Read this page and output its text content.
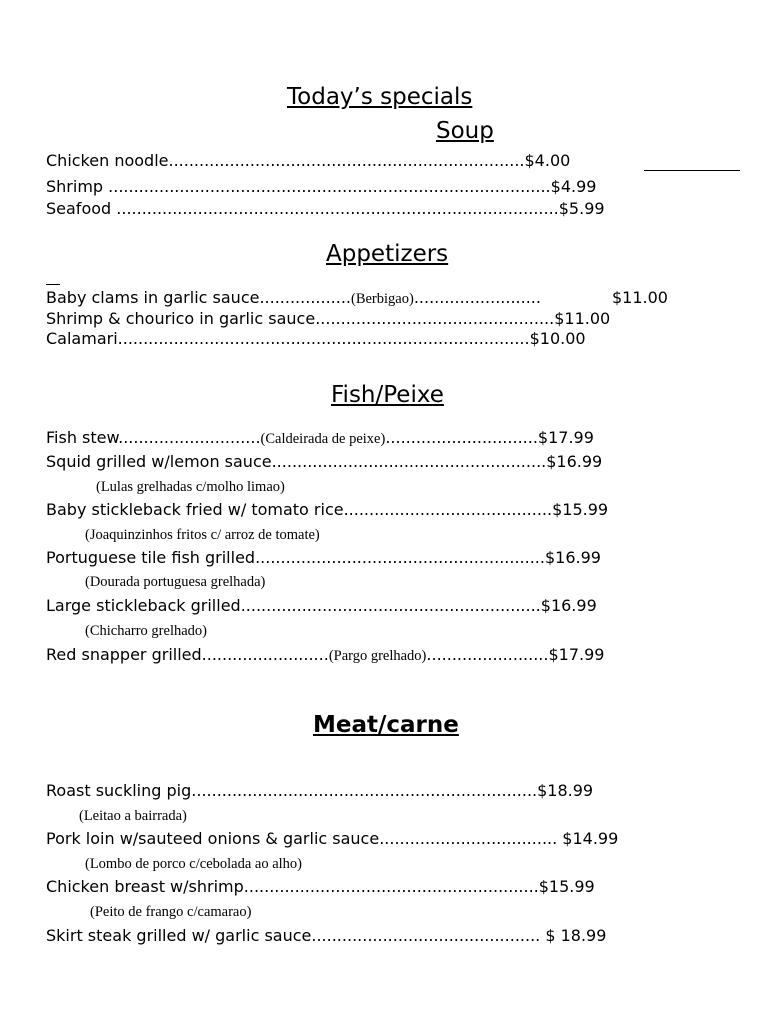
Today’s specials
Soup
Chicken noodle......................................................................$4.00
Shrimp .......................................................................................$4.99
Seafood .......................................................................................$5.99
Appetizers
Baby clams in garlic sauce..................(Berbigao).........................	$11.00
Shrimp & chourico in garlic sauce...............................................$11.00
Calamari.................................................................................$10.00
Fish/Peixe
Fish stew............................(Caldeirada de peixe)..............................$17.99
Squid grilled w/lemon sauce......................................................$16.99
(Lulas grelhadas c/molho limao)
Baby stickleback fried w/ tomato rice.........................................$15.99
(Joaquinzinhos fritos c/ arroz de tomate)
Portuguese tile fish grilled.........................................................$16.99
(Dourada portuguesa grelhada)
Large stickleback grilled...........................................................$16.99
(Chicharro grelhado)
Red snapper grilled.........................(Pargo grelhado)........................$17.99
Meat/carne
Roast suckling pig....................................................................$18.99
(Leitao a bairrada)
Pork loin w/sauteed onions & garlic sauce................................... $14.99
(Lombo de porco c/cebolada ao alho)
Chicken breast w/shrimp..........................................................$15.99
(Peito de frango c/camarao)
Skirt steak grilled w/ garlic sauce............................................. $ 18.99
